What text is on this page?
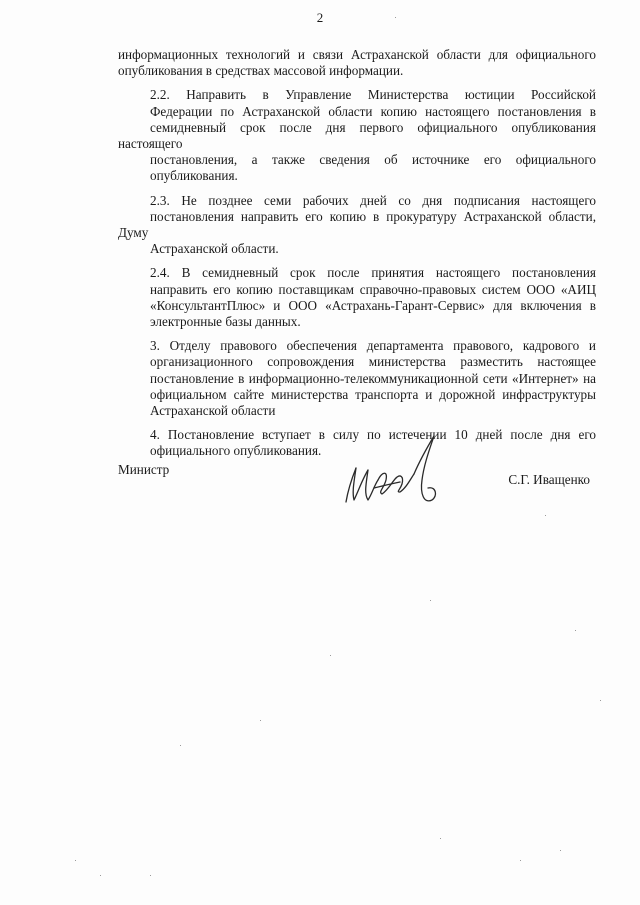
2

информационных технологий и связи Астраханской области для официального
опубликования в средствах массовой информации.

2.2. Направить в Управление Министерства юстиции Российской
Федерации по Астраханской области копию настоящего постановления в
семидневный срок после дня первого официального опубликования настоящего
постановления, а также сведения об источнике его официального
опубликования.

2.3. Не позднее семи рабочих дней со дня подписания настоящего
постановления направить его копию в прокуратуру Астраханской области, Думу
Астраханской области.

2.4. В семидневный срок после принятия настоящего постановления
направить его копию поставщикам справочно-правовых систем ООО «АИЦ
«КонсультантПлюс» и ООО «Астрахань-Гарант-Сервис» для включения в
электронные базы данных.

3. Отделу правового обеспечения департамента правового, кадрового и
организационного сопровождения министерства разместить настоящее
постановление в информационно-телекоммуникационной сети «Интернет» на
официальном сайте министерства транспорта и дорожной инфраструктуры
Астраханской области

4. Постановление вступает в силу по истечении 10 дней после дня его
официального опубликования.

Министр
С.Г. Иващенко
